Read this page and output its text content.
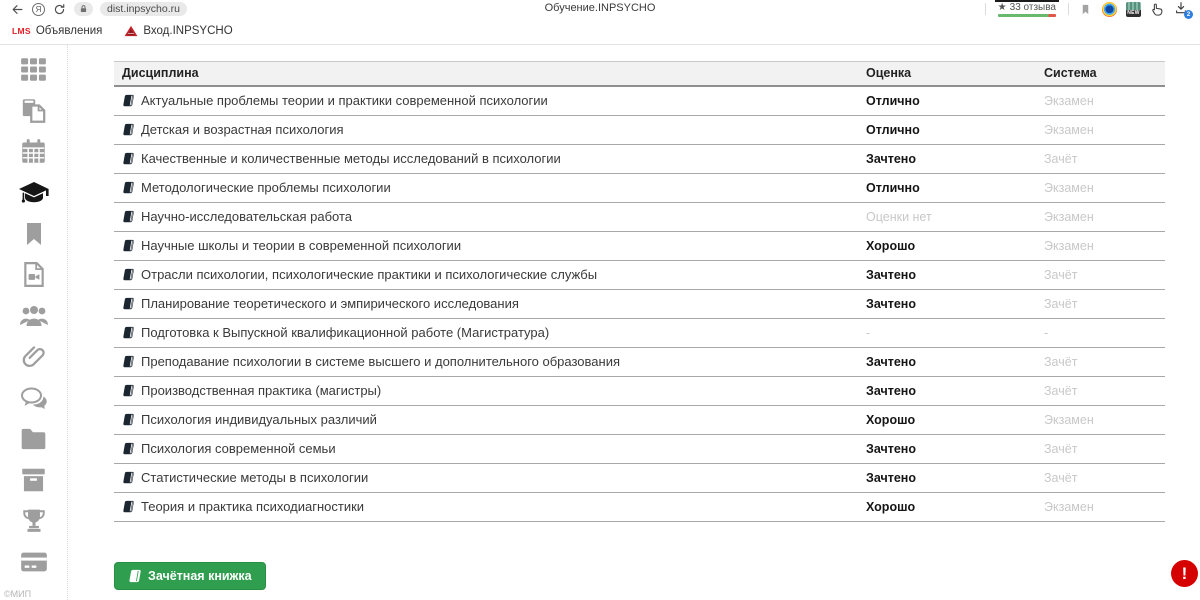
Я	dist.inpsycho.ru	Обучение.INPSYCHO	★ 33 отзыва	NEW	2
LMS Объявления	Вход.INPSYCHO
©МИП
Дисциплина	Оценка	Система

Актуальные проблемы теории и практики современной психологии	Отлично	Экзамен

Детская и возрастная психология	Отлично	Экзамен

Качественные и количественные методы исследований в психологии	Зачтено	Зачёт

Методологические проблемы психологии	Отлично	Экзамен

Научно-исследовательская работа	Оценки нет	Экзамен

Научные школы и теории в современной психологии	Хорошо	Экзамен

Отрасли психологии, психологические практики и психологические службы	Зачтено	Зачёт

Планирование теоретического и эмпирического исследования	Зачтено	Зачёт

Подготовка к Выпускной квалификационной работе (Магистратура)	-	-

Преподавание психологии в системе высшего и дополнительного образования	Зачтено	Зачёт

Производственная практика (магистры)	Зачтено	Зачёт

Психология индивидуальных различий	Хорошо	Экзамен

Психология современной семьи	Зачтено	Зачёт

Статистические методы в психологии	Зачтено	Зачёт

Теория и практика психодиагностики	Хорошо	Экзамен
Зачётная книжка	!
